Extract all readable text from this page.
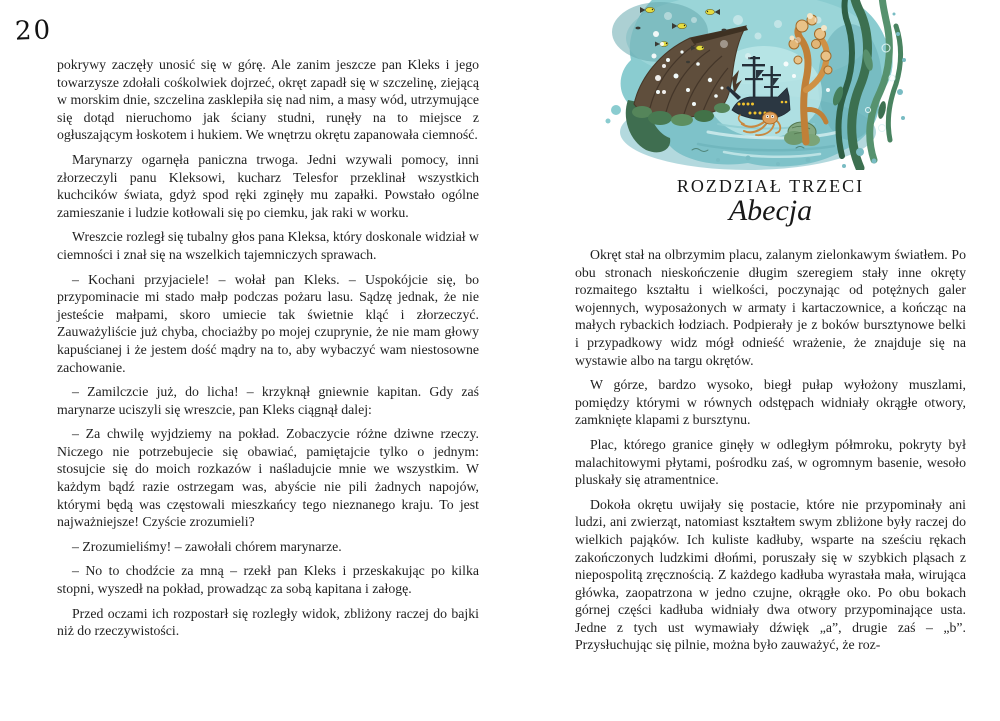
20

pokrywy zaczęły unosić się w górę. Ale zanim jeszcze pan Kleks i jego towarzysze zdołali cośkolwiek dojrzeć, okręt zapadł się w szczelinę, ziejącą w morskim dnie, szczelina zasklepiła się nad nim, a masy wód, utrzymujące się dotąd nieruchomo jak ściany studni, runęły na to miejsce z ogłuszającym łoskotem i hukiem. We wnętrzu okrętu zapanowała ciemność.

Marynarzy ogarnęła paniczna trwoga. Jedni wzywali pomocy, inni złorzeczyli panu Kleksowi, kucharz Telesfor przeklinał wszystkich kuchcików świata, gdyż spod ręki zginęły mu zapałki. Powstało ogólne zamieszanie i ludzie kotłowali się po ciemku, jak raki w worku.

Wreszcie rozległ się tubalny głos pana Kleksa, który doskonale widział w ciemności i znał się na wszelkich tajemniczych sprawach.

– Kochani przyjaciele! – wołał pan Kleks. – Uspokójcie się, bo przypominacie mi stado małp podczas pożaru lasu. Sądzę jednak, że nie jesteście małpami, skoro umiecie tak świetnie kląć i złorzeczyć. Zauważyliście już chyba, chociażby po mojej czuprynie, że nie mam głowy kapuścianej i że jestem dość mądry na to, aby wybaczyć wam niestosowne zachowanie.

– Zamilczcie już, do licha! – krzyknął gniewnie kapitan. Gdy zaś marynarze uciszyli się wreszcie, pan Kleks ciągnął dalej:

– Za chwilę wyjdziemy na pokład. Zobaczycie różne dziwne rzeczy. Niczego nie potrzebujecie się obawiać, pamiętajcie tylko o jednym: stosujcie się do moich rozkazów i naśladujcie mnie we wszystkim. W każdym bądź razie ostrzegam was, abyście nie pili żadnych napojów, którymi będą was częstowali mieszkańcy tego nieznanego kraju. To jest najważniejsze! Czyście zrozumieli?

– Zrozumieliśmy! – zawołali chórem marynarze.

– No to chodźcie za mną – rzekł pan Kleks i przeskakując po kilka stopni, wyszedł na pokład, prowadząc za sobą kapitana i załogę.

Przed oczami ich rozpostarł się rozległy widok, zbliżony raczej do bajki niż do rzeczywistości.

ROZDZIAŁ TRZECI
Abecja

Okręt stał na olbrzymim placu, zalanym zielonkawym światłem. Po obu stronach nieskończenie długim szeregiem stały inne okręty rozmaitego kształtu i wielkości, poczynając od potężnych galer wojennych, wyposażonych w armaty i kartaczownice, a kończąc na małych rybackich łodziach. Podpierały je z boków bursztynowe belki i przypadkowy widz mógł odnieść wrażenie, że znajduje się na wystawie albo na targu okrętów.

W górze, bardzo wysoko, biegł pułap wyłożony muszlami, pomiędzy którymi w równych odstępach widniały okrągłe otwory, zamknięte klapami z bursztynu.

Plac, którego granice ginęły w odległym półmroku, pokryty był malachitowymi płytami, pośrodku zaś, w ogromnym basenie, wesoło pluskały się atramentnice.

Dokoła okrętu uwijały się postacie, które nie przypominały ani ludzi, ani zwierząt, natomiast kształtem swym zbliżone były raczej do wielkich pająków. Ich kuliste kadłuby, wsparte na sześciu rękach zakończonych ludzkimi dłońmi, poruszały się w szybkich pląsach z niepospolitą zręcznością. Z każdego kadłuba wyrastała mała, wirująca główka, zaopatrzona w jedno czujne, okrągłe oko. Po obu bokach górnej części kadłuba widniały dwa otwory przypominające usta. Jedne z tych ust wymawiały dźwięk „a”, drugie zaś – „b”. Przysłuchując się pilnie, można było zauważyć, że roz-
